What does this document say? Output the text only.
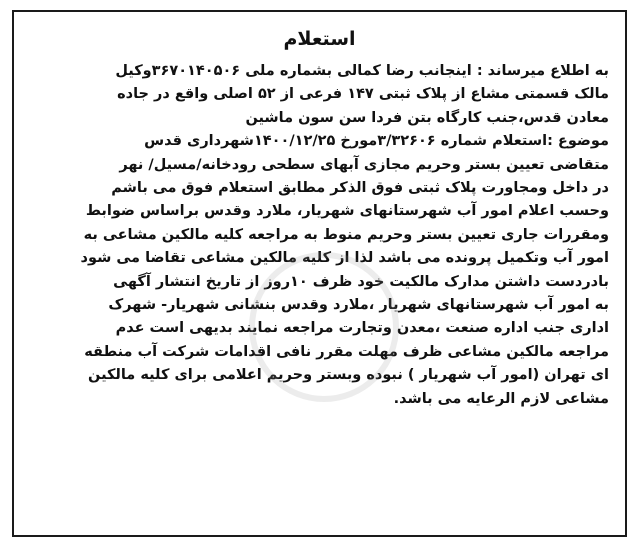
استعلام
به اطلاع میرساند : اینجانب رضا کمالی بشماره ملی ۳۶۷۰۱۴۰۵۰۶وکیل
مالک قسمتی مشاع از پلاک ثبتی ۱۴۷ فرعی از ۵۲ اصلی واقع در جاده
معادن قدس،جنب کارگاه بتن فردا سن سون ماشین
موضوع :استعلام شماره ۳/۳۲۶۰۶مورخ ۱۴۰۰/۱۲/۲۵شهرداری قدس
متقاضی تعیین بستر وحریم مجازی آبهای سطحی رودخانه/مسیل/ نهر
در داخل ومجاورت پلاک ثبتی فوق الذکر مطابق استعلام فوق می باشم
وحسب اعلام امور آب شهرستانهای شهریار، ملارد وقدس براساس ضوابط
ومقررات جاری تعیین بستر وحریم منوط به مراجعه کلیه مالکین مشاعی به
امور آب وتکمیل پرونده می باشد لذا از کلیه مالکین مشاعی تقاضا می شود
بادردست داشتن مدارک مالکیت خود ظرف ۱۰روز از تاریخ انتشار آگهی
به امور آب شهرستانهای شهریار ،ملارد وقدس بنشانی شهریار- شهرک
اداری جنب اداره صنعت ،معدن وتجارت مراجعه نمایند بدیهی است عدم
مراجعه مالکین مشاعی ظرف مهلت مقرر نافی اقدامات شرکت آب منطقه
ای تهران (امور آب شهریار ) نبوده وبستر وحریم اعلامی برای کلیه مالکین
مشاعی لازم الرعایه می باشد.
